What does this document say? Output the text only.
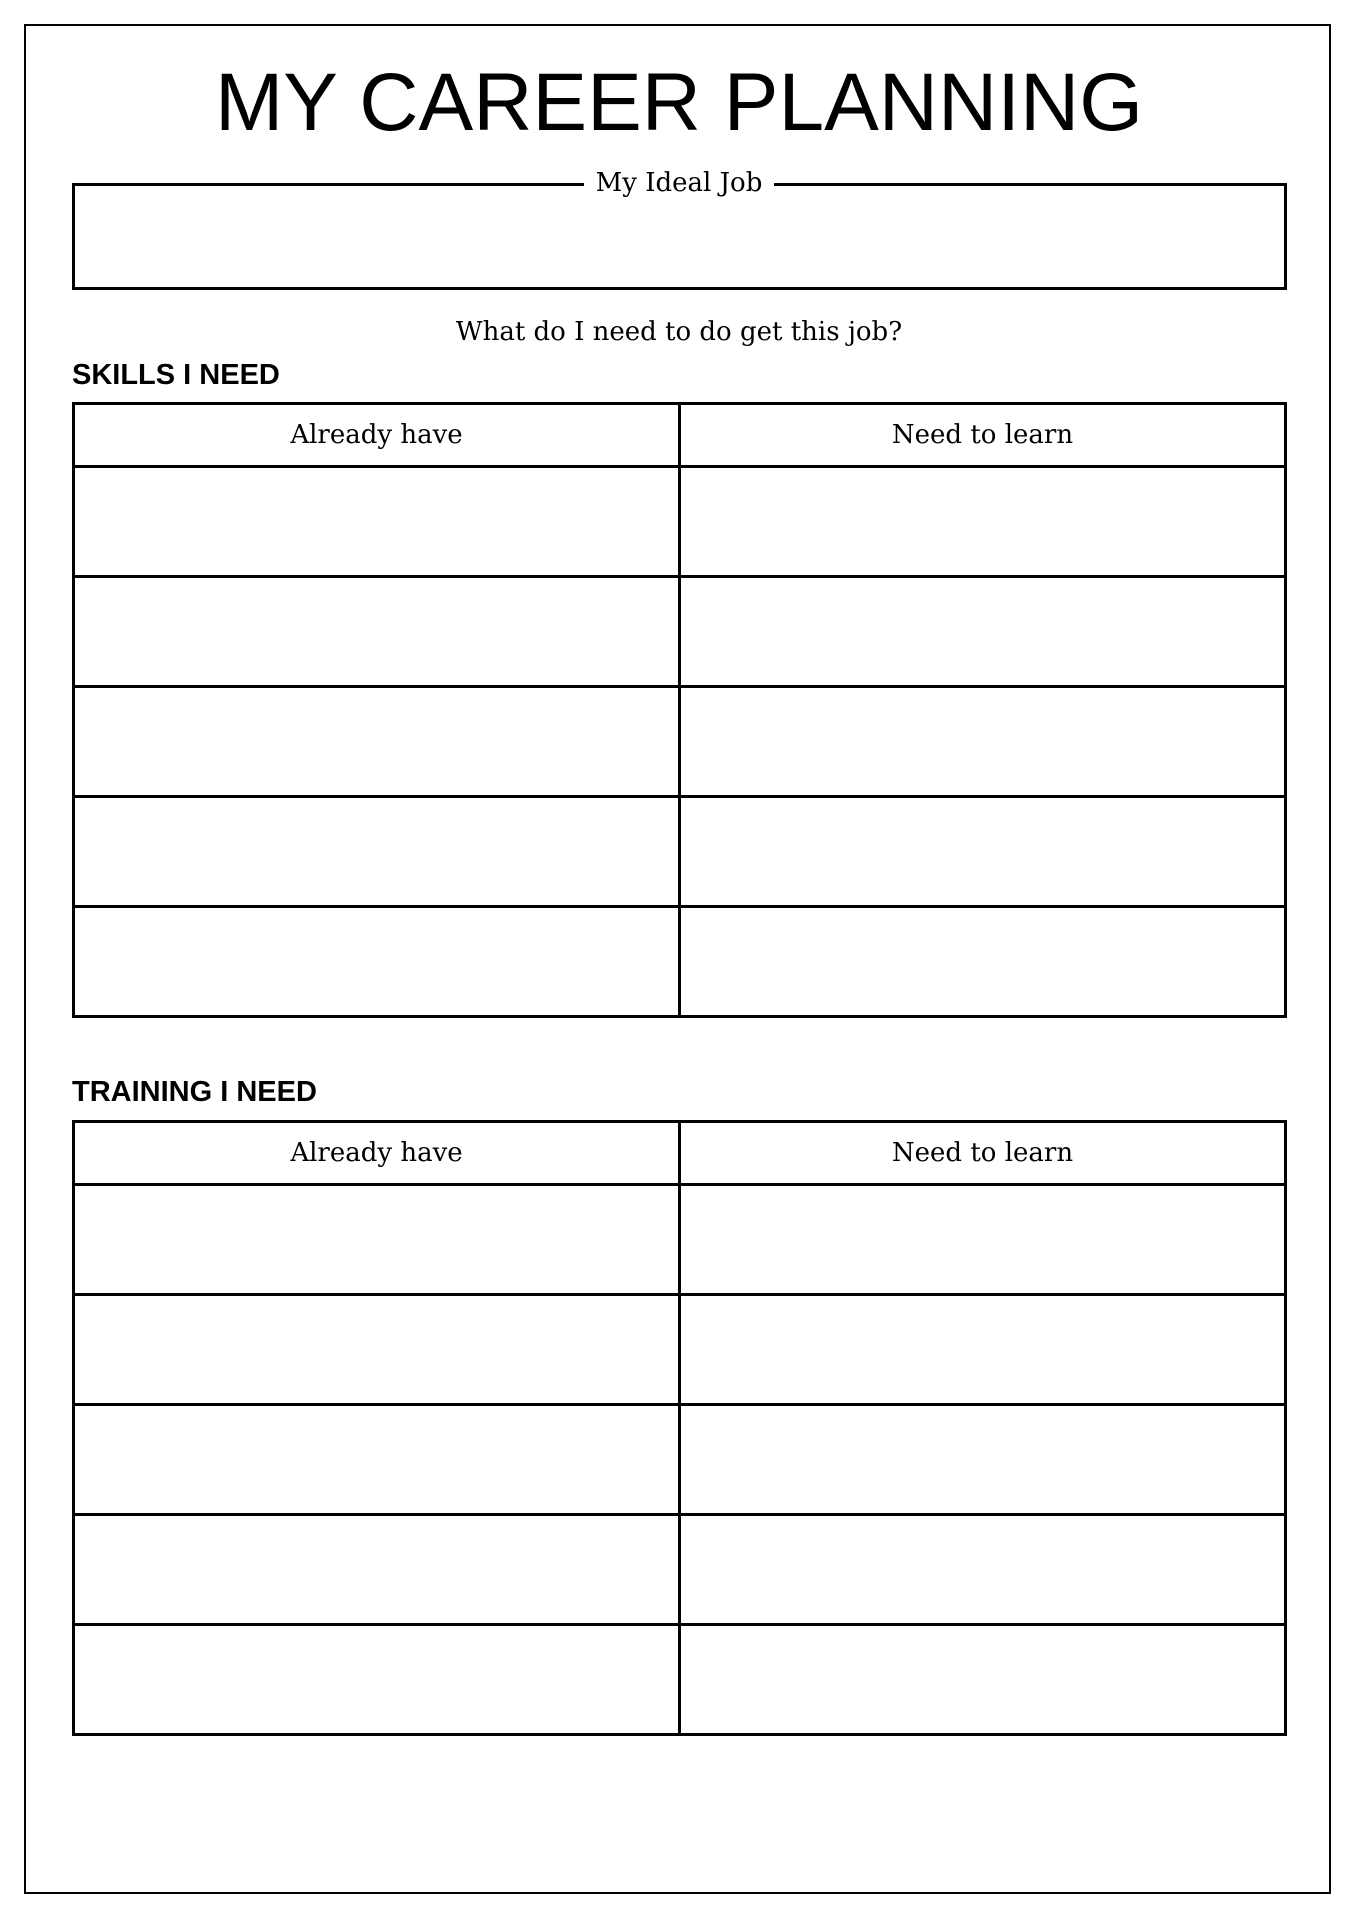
MY CAREER PLANNING
My Ideal Job
What do I need to do get this job?
SKILLS I NEED
Already have	Need to learn

TRAINING I NEED
Already have	Need to learn
